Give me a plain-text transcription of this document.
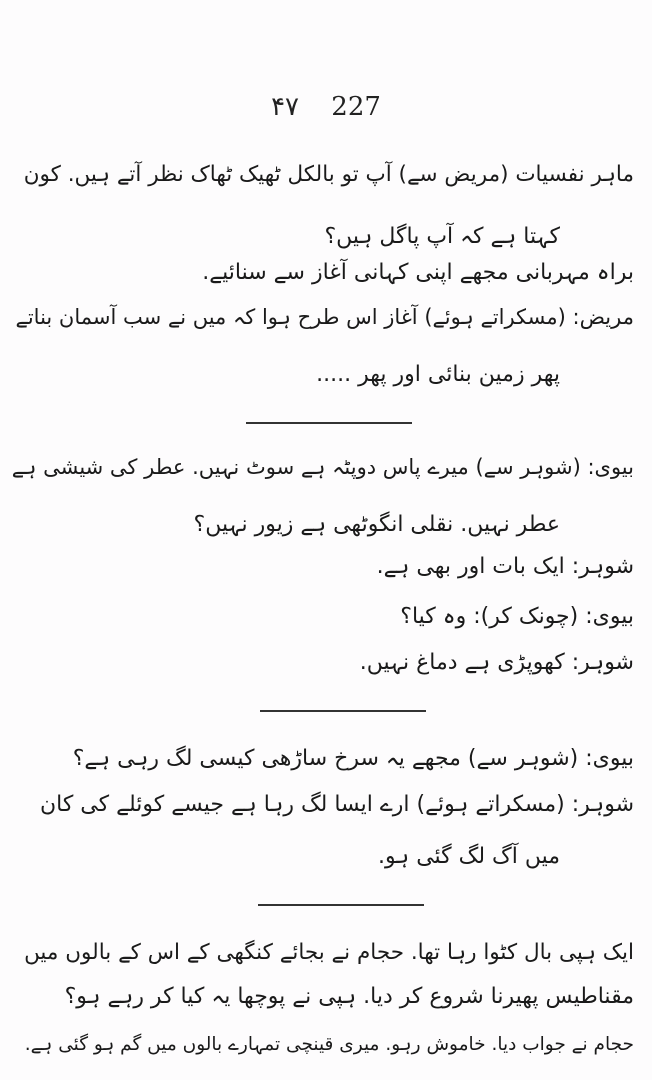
۴۷ 227
ماہر نفسیات (مریض سے) آپ تو بالکل ٹھیک ٹھاک نظر آتے ہیں. کون
کہتا ہے کہ آپ پاگل ہیں؟
براہ مہربانی مجھے اپنی کہانی آغاز سے سنائیے.
مریض: (مسکراتے ہوئے) آغاز اس طرح ہوا کہ میں نے سب آسمان بناتے
پھر زمین بنائی اور پھر .....
بیوی: (شوہر سے) میرے پاس دوپٹہ ہے سوٹ نہیں. عطر کی شیشی ہے
عطر نہیں. نقلی انگوٹھی ہے زیور نہیں؟
شوہر: ایک بات اور بھی ہے.
بیوی: (چونک کر): وہ کیا؟
شوہر: کھوپڑی ہے دماغ نہیں.
بیوی: (شوہر سے) مجھے یہ سرخ ساڑھی کیسی لگ رہی ہے؟
شوہر: (مسکراتے ہوئے) ارے ایسا لگ رہا ہے جیسے کوئلے کی کان
میں آگ لگ گئی ہو.
ایک ہپی بال کٹوا رہا تھا. حجام نے بجائے کنگھی کے اس کے بالوں میں
مقناطیس پھیرنا شروع کر دیا. ہپی نے پوچھا یہ کیا کر رہے ہو؟
حجام نے جواب دیا. خاموش رہو. میری قینچی تمہارے بالوں میں گم ہو گئی ہے.
